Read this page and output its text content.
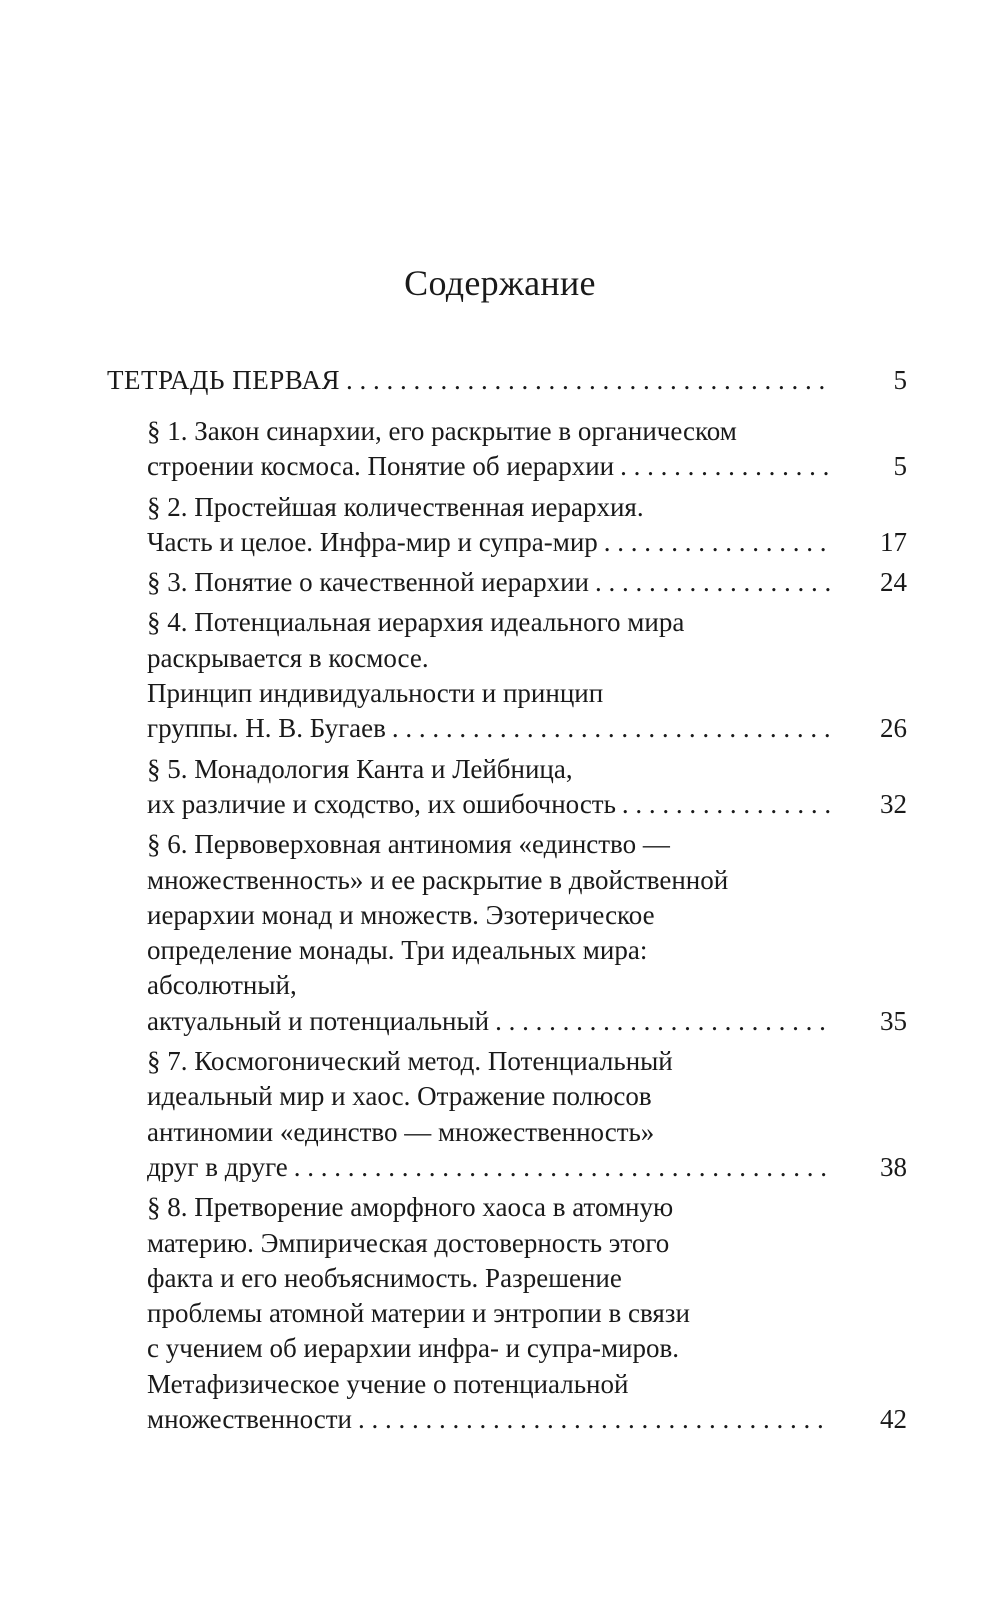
Содержание
ТЕТРАДЬ ПЕРВАЯ . . .	5
§ 1. Закон синархии, его раскрытие в органическом
строении космоса. Понятие об иерархии . . .	5
§ 2. Простейшая количественная иерархия.
Часть и целое. Инфра-мир и супра-мир . . .	17
§ 3. Понятие о качественной иерархии . . .	24
§ 4. Потенциальная иерархия идеального мира
раскрывается в космосе.
Принцип индивидуальности и принцип
группы. Н. В. Бугаев . . .	26
§ 5. Монадология Канта и Лейбница,
их различие и сходство, их ошибочность . . .	32
§ 6. Первоверховная антиномия «единство —
множественность» и ее раскрытие в двойственной
иерархии монад и множеств. Эзотерическое
определение монады. Три идеальных мира:
абсолютный,
актуальный и потенциальный . . .	35
§ 7. Космогонический метод. Потенциальный
идеальный мир и хаос. Отражение полюсов
антиномии «единство — множественность»
друг в друге . . .	38
§ 8. Претворение аморфного хаоса в атомную
материю. Эмпирическая достоверность этого
факта и его необъяснимость. Разрешение
проблемы атомной материи и энтропии в связи
с учением об иерархии инфра- и супра-миров.
Метафизическое учение о потенциальной
множественности . . .	42
